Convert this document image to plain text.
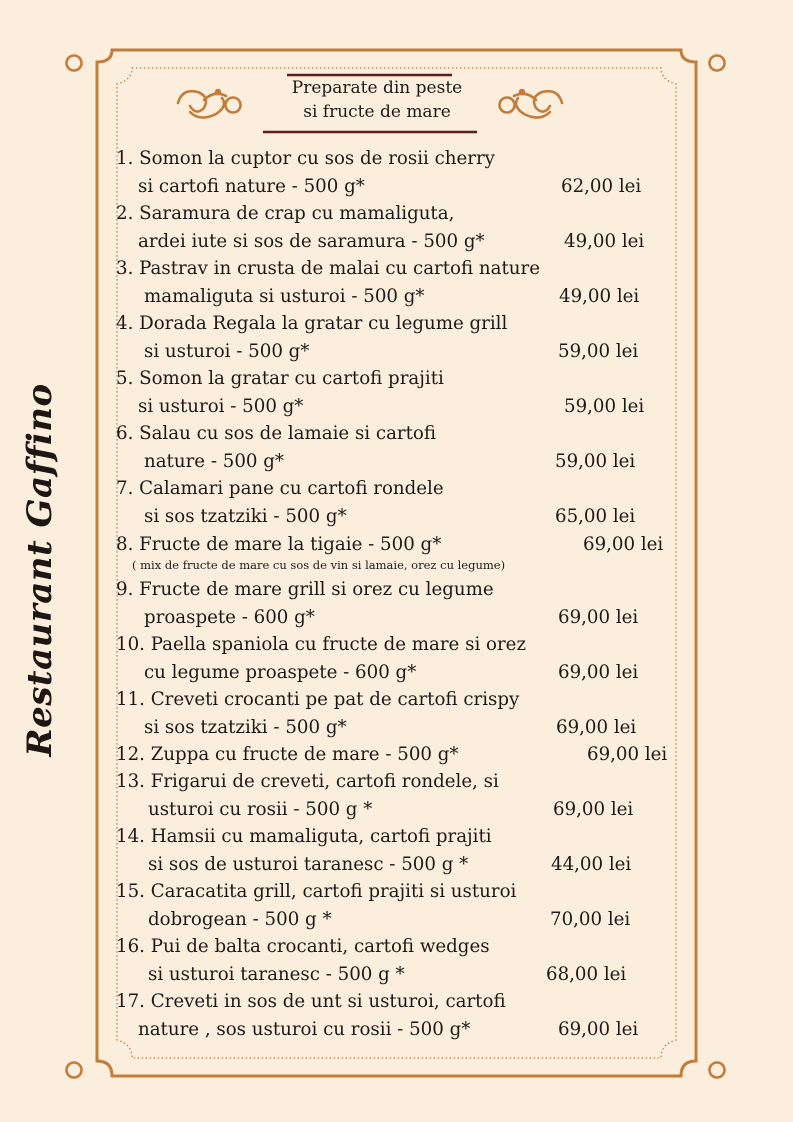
Restaurant Gaffino
Preparate din peste
si fructe de mare
1. Somon la cuptor cu sos de rosii cherry
si cartofi nature - 500 g*	62,00 lei
2. Saramura de crap cu mamaliguta,
ardei iute si sos de saramura - 500 g*	49,00 lei
3. Pastrav in crusta de malai cu cartofi nature
mamaliguta si usturoi - 500 g*	49,00 lei
4. Dorada Regala la gratar cu legume grill
si usturoi - 500 g*	59,00 lei
5. Somon la gratar cu cartofi prajiti
si usturoi - 500 g*	59,00 lei
6. Salau cu sos de lamaie si cartofi
nature - 500 g*	59,00 lei
7. Calamari pane cu cartofi rondele
si sos tzatziki - 500 g*	65,00 lei
8. Fructe de mare la tigaie - 500 g*	69,00 lei
( mix de fructe de mare cu sos de vin si lamaie, orez cu legume)
9. Fructe de mare grill si orez cu legume
proaspete - 600 g*	69,00 lei
10. Paella spaniola cu fructe de mare si orez
cu legume proaspete - 600 g*	69,00 lei
11. Creveti crocanti pe pat de cartofi crispy
si sos tzatziki - 500 g*	69,00 lei
12. Zuppa cu fructe de mare - 500 g*	69,00 lei
13. Frigarui de creveti, cartofi rondele, si
usturoi cu rosii - 500 g *	69,00 lei
14. Hamsii cu mamaliguta, cartofi prajiti
si sos de usturoi taranesc - 500 g *	44,00 lei
15. Caracatita grill, cartofi prajiti si usturoi
dobrogean - 500 g *	70,00 lei
16. Pui de balta crocanti, cartofi wedges
si usturoi taranesc - 500 g *	68,00 lei
17. Creveti in sos de unt si usturoi, cartofi
nature , sos usturoi cu rosii - 500 g*	69,00 lei
